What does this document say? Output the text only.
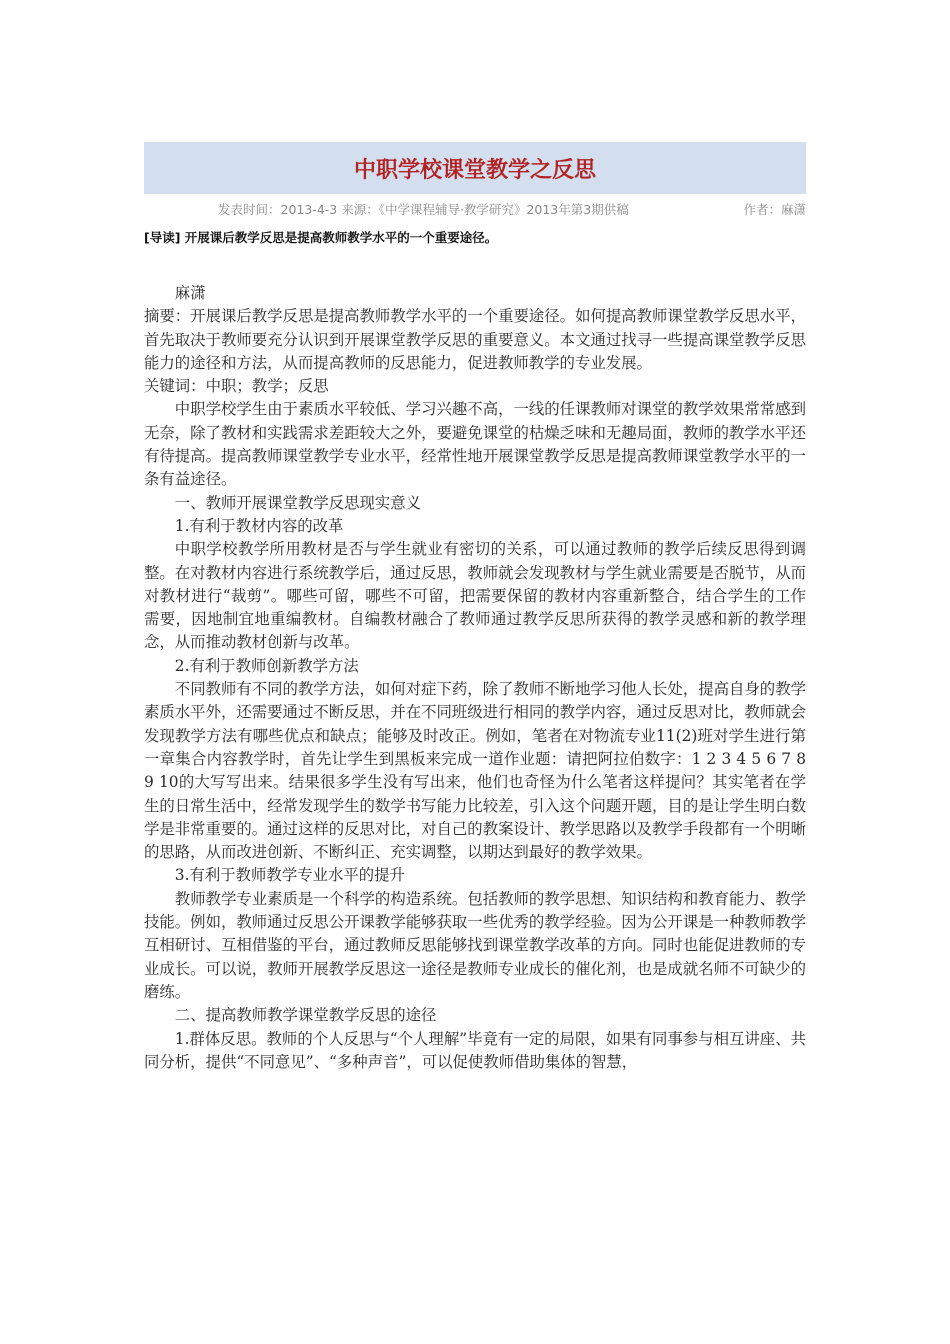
中职学校课堂教学之反思
发表时间：2013-4-3 来源：《中学课程辅导·教学研究》2013年第3期供稿	作者：麻潇
[导读] 开展课后教学反思是提高教师教学水平的一个重要途径。

麻潇

摘要：开展课后教学反思是提高教师教学水平的一个重要途径。如何提高教师课堂教学反思水平，首先取决于教师要充分认识到开展课堂教学反思的重要意义。本文通过找寻一些提高课堂教学反思能力的途径和方法，从而提高教师的反思能力，促进教师教学的专业发展。

关键词：中职；教学；反思

中职学校学生由于素质水平较低、学习兴趣不高，一线的任课教师对课堂的教学效果常常感到无奈，除了教材和实践需求差距较大之外，要避免课堂的枯燥乏味和无趣局面，教师的教学水平还有待提高。提高教师课堂教学专业水平，经常性地开展课堂教学反思是提高教师课堂教学水平的一条有益途径。

一、教师开展课堂教学反思现实意义

1.有利于教材内容的改革

中职学校教学所用教材是否与学生就业有密切的关系，可以通过教师的教学后续反思得到调整。在对教材内容进行系统教学后，通过反思，教师就会发现教材与学生就业需要是否脱节，从而对教材进行“裁剪”。哪些可留，哪些不可留，把需要保留的教材内容重新整合，结合学生的工作需要，因地制宜地重编教材。自编教材融合了教师通过教学反思所获得的教学灵感和新的教学理念，从而推动教材创新与改革。

2.有利于教师创新教学方法

不同教师有不同的教学方法，如何对症下药，除了教师不断地学习他人长处，提高自身的教学素质水平外，还需要通过不断反思，并在不同班级进行相同的教学内容，通过反思对比，教师就会发现教学方法有哪些优点和缺点；能够及时改正。例如，笔者在对物流专业11(2)班对学生进行第一章集合内容教学时，首先让学生到黑板来完成一道作业题：请把阿拉伯数字：1 2 3 4 5 6 7 8 9 10的大写写出来。结果很多学生没有写出来，他们也奇怪为什么笔者这样提问？其实笔者在学生的日常生活中，经常发现学生的数学书写能力比较差，引入这个问题开题，目的是让学生明白数学是非常重要的。通过这样的反思对比，对自己的教案设计、教学思路以及教学手段都有一个明晰的思路，从而改进创新、不断纠正、充实调整，以期达到最好的教学效果。

3.有利于教师教学专业水平的提升

教师教学专业素质是一个科学的构造系统。包括教师的教学思想、知识结构和教育能力、教学技能。例如，教师通过反思公开课教学能够获取一些优秀的教学经验。因为公开课是一种教师教学互相研讨、互相借鉴的平台，通过教师反思能够找到课堂教学改革的方向。同时也能促进教师的专业成长。可以说，教师开展教学反思这一途径是教师专业成长的催化剂，也是成就名师不可缺少的磨练。

二、提高教师教学课堂教学反思的途径

1.群体反思。教师的个人反思与“个人理解”毕竟有一定的局限，如果有同事参与相互讲座、共同分析，提供“不同意见”、“多种声音”，可以促使教师借助集体的智慧，
